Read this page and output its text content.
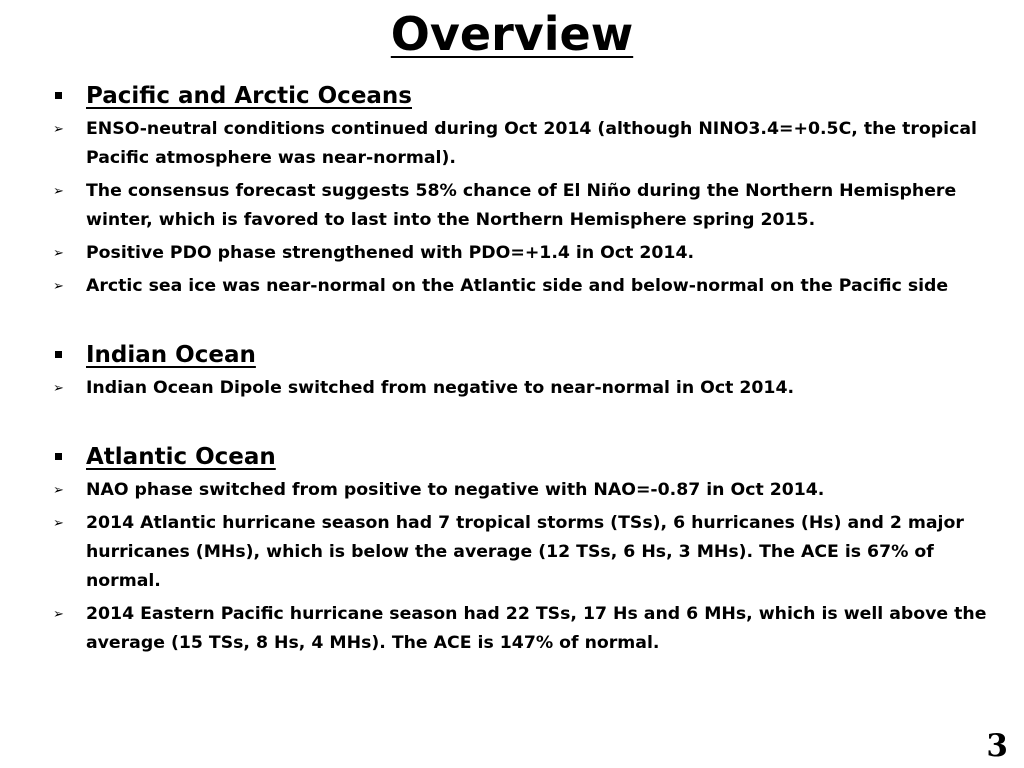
Overview
Pacific and Arctic Oceans
➢ ENSO-neutral conditions continued during Oct 2014 (although NINO3.4=+0.5C, the tropical Pacific atmosphere was near-normal).
➢ The consensus forecast suggests 58% chance of El Niño during the Northern Hemisphere winter, which is favored to last into the Northern Hemisphere spring 2015.
➢ Positive PDO phase strengthened with PDO=+1.4 in Oct 2014.
➢ Arctic sea ice was near-normal on the Atlantic side and below-normal on the Pacific side
Indian Ocean
➢ Indian Ocean Dipole switched from negative to near-normal in Oct 2014.
Atlantic Ocean
➢ NAO phase switched from positive to negative with NAO=-0.87 in Oct 2014.
➢ 2014 Atlantic hurricane season had 7 tropical storms (TSs), 6 hurricanes (Hs) and 2 major hurricanes (MHs), which is below the average (12 TSs, 6 Hs, 3 MHs). The ACE is 67% of normal.
➢ 2014 Eastern Pacific hurricane season had 22 TSs, 17 Hs and 6 MHs, which is well above the average (15 TSs, 8 Hs, 4 MHs). The ACE is 147% of normal.
3
